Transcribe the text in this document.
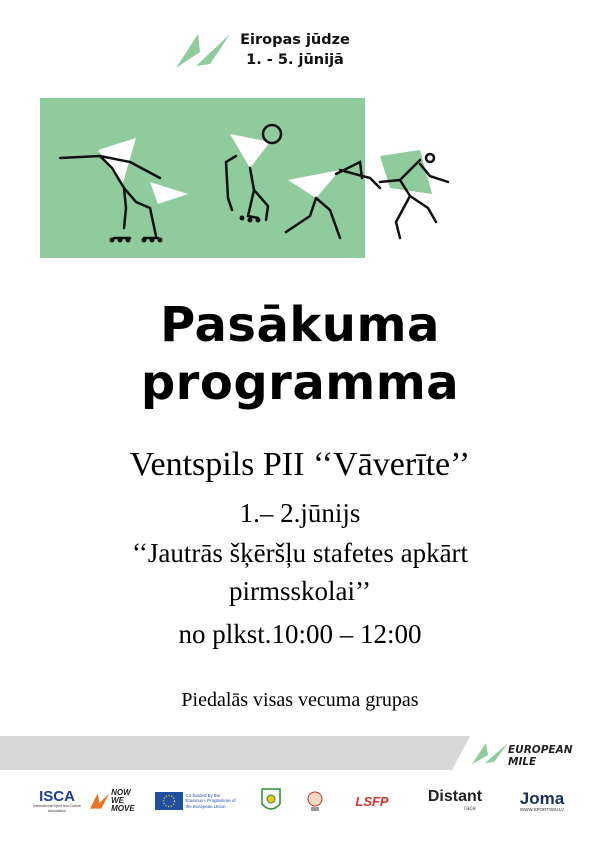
Eiropas jūdze
1. - 5. jūnijā
Pasākuma
programma
Ventspils PII ‘‘Vāverīte’’
1.– 2.jūnijs
‘‘Jautrās šķēršļu stafetes apkārt
pirmsskolai’’
no plkst.10:00 – 12:00
Piedalās visas vecuma grupas
EUROPEAN MILE
ISCA
International Sport and Culture Association
NOW
WE MOVE
Co-funded by the Erasmus+ Programme of the European Union	LSFP Distant
race
Joma
WWW.SPORTWIN.LV
